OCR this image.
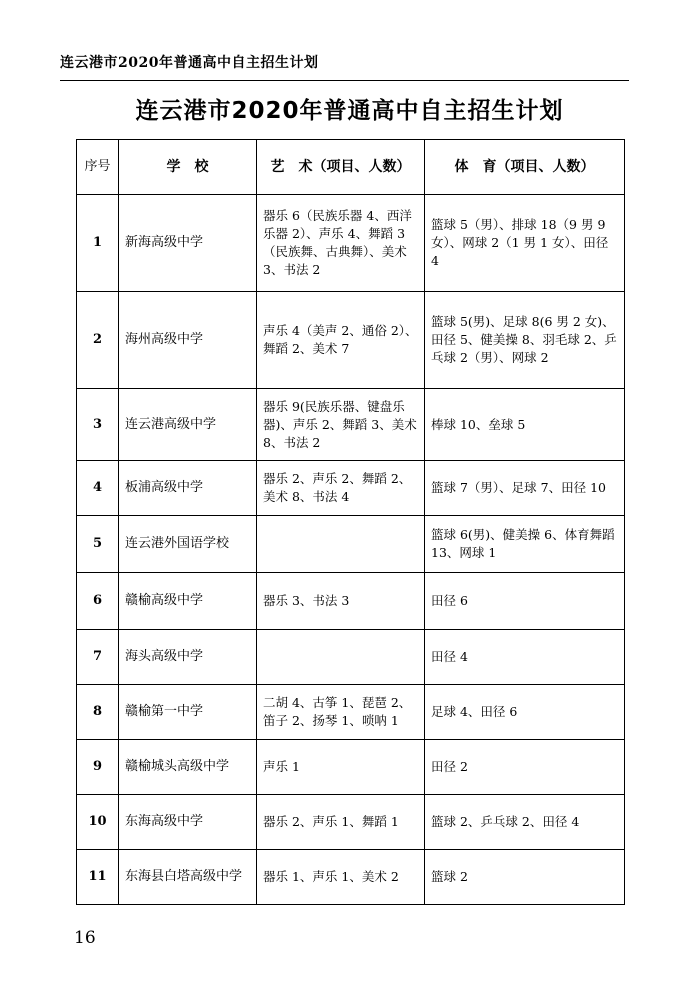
连云港市2020年普通高中自主招生计划
连云港市2020年普通高中自主招生计划
序号	学　校	艺　术（项目、人数）	体　育（项目、人数）
1	新海高级中学	器乐 6（民族乐器 4、西洋乐器 2）、声乐 4、舞蹈 3（民族舞、古典舞）、美术 3、书法 2	篮球 5（男）、排球 18（9 男 9 女）、网球 2（1 男 1 女）、田径 4
2	海州高级中学	声乐 4（美声 2、通俗 2）、舞蹈 2、美术 7	篮球 5(男)、足球 8(6 男 2 女)、田径 5、健美操 8、羽毛球 2、乒乓球 2（男）、网球 2
3	连云港高级中学	器乐 9(民族乐器、键盘乐器)、声乐 2、舞蹈 3、美术 8、书法 2	棒球 10、垒球 5
4	板浦高级中学	器乐 2、声乐 2、舞蹈 2、美术 8、书法 4	篮球 7（男）、足球 7、田径 10
5	连云港外国语学校		篮球 6(男)、健美操 6、体育舞蹈 13、网球 1
6	赣榆高级中学	器乐 3、书法 3	田径 6
7	海头高级中学		田径 4
8	赣榆第一中学	二胡 4、古筝 1、琵琶 2、笛子 2、扬琴 1、唢呐 1	足球 4、田径 6
9	赣榆城头高级中学	声乐 1	田径 2
10	东海高级中学	器乐 2、声乐 1、舞蹈 1	篮球 2、乒乓球 2、田径 4
11	东海县白塔高级中学	器乐 1、声乐 1、美术 2	篮球 2
16
